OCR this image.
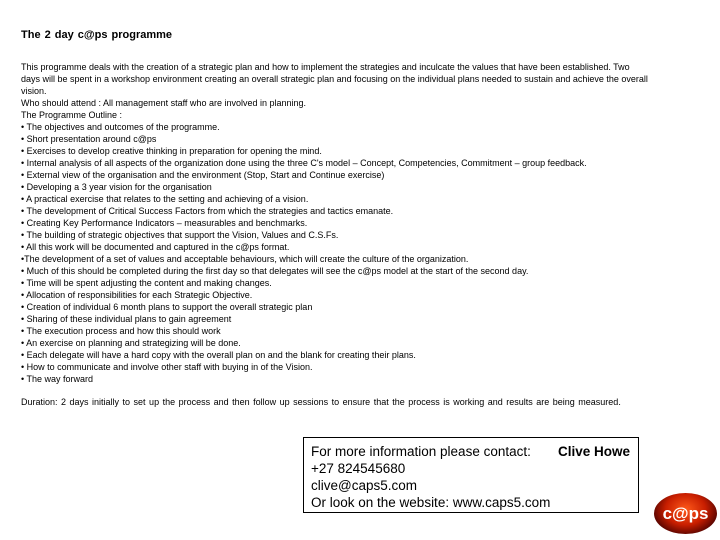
The 2 day c@ps programme
This programme deals with the creation of a strategic plan and how to implement the strategies and inculcate the values that have been established. Two
days will be spent in a workshop environment creating an overall strategic plan and focusing on the individual plans needed to sustain and achieve the overall
vision.
Who should attend : All management staff who are involved in planning.
The Programme Outline :
• The objectives and outcomes of the programme.
• Short presentation around c@ps
• Exercises to develop creative thinking in preparation for opening the mind.
• Internal analysis of all aspects of the organization done using the three C's model – Concept, Competencies, Commitment – group feedback.
• External view of the organisation and the environment (Stop, Start and Continue exercise)
• Developing a 3 year vision for the organisation
• A practical exercise that relates to the setting and achieving of a vision.
• The development of Critical Success Factors from which the strategies and tactics emanate.
• Creating Key Performance Indicators – measurables and benchmarks.
• The building of strategic objectives that support the Vision, Values and C.S.Fs.
• All this work will be documented and captured in the c@ps format.
•The development of a set of values and acceptable behaviours, which will create the culture of the organization.
• Much of this should be completed during the first day so that delegates will see the c@ps model at the start of the second day.
• Time will be spent adjusting the content and making changes.
• Allocation of responsibilities for each Strategic Objective.
• Creation of individual 6 month plans to support the overall strategic plan
• Sharing of these individual plans to gain agreement
• The execution process and how this should work
• An exercise on planning and strategizing will be done.
• Each delegate will have a hard copy with the overall plan on and the blank for creating their plans.
• How to communicate and involve other staff with buying in of the Vision.
• The way forward
Duration: 2 days initially to set up the process and then follow up sessions to ensure that the process is working and results are being measured.
For more information please contact: Clive Howe
+27 824545680
clive@caps5.com
Or look on the website: www.caps5.com
c@ps
